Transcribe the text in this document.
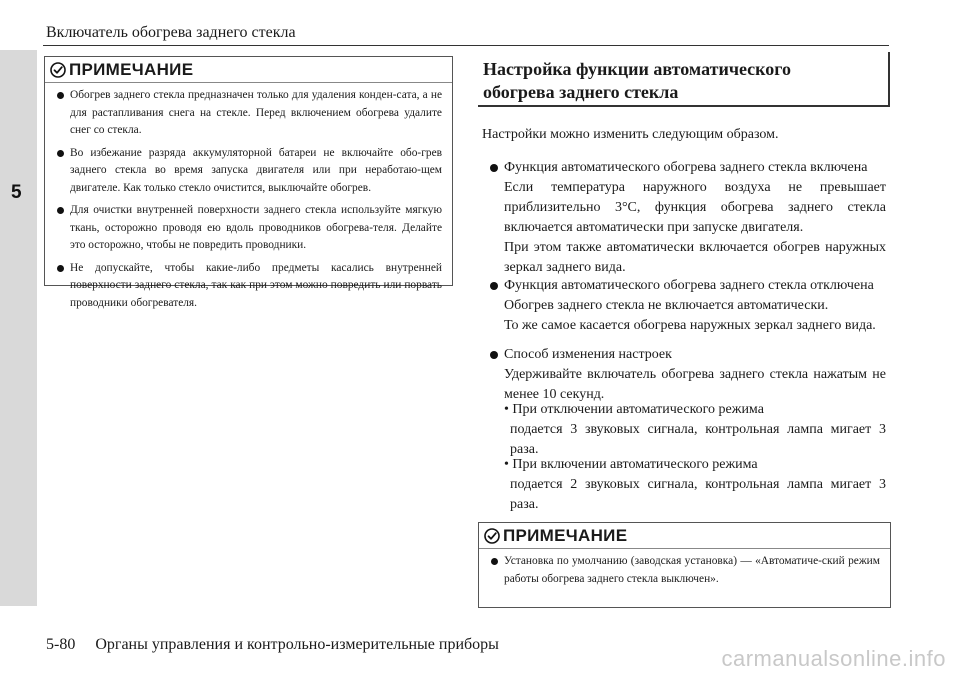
5
Включатель обогрева заднего стекла
ПРИМЕЧАНИЕ
Обогрев заднего стекла предназначен только для удаления конден-сата, а не для растапливания снега на стекле. Перед включением обогрева удалите снег со стекла.
Во избежание разряда аккумуляторной батареи не включайте обо-грев заднего стекла во время запуска двигателя или при неработаю-щем двигателе. Как только стекло очистится, выключайте обогрев.
Для очистки внутренней поверхности заднего стекла используйте мягкую ткань, осторожно проводя ею вдоль проводников обогрева-теля. Делайте это осторожно, чтобы не повредить проводники.
Не допускайте, чтобы какие-либо предметы касались внутренней поверхности заднего стекла, так как при этом можно повредить или порвать проводники обогревателя.
Настройка функции автоматического
обогрева заднего стекла
Настройки можно изменить следующим образом.
Функция автоматического обогрева заднего стекла включена
Если температура наружного воздуха не превышает приблизительно 3°C, функция обогрева заднего стекла включается автоматически при запуске двигателя.
При этом также автоматически включается обогрев наружных зеркал заднего вида.
Функция автоматического обогрева заднего стекла отключена
Обогрев заднего стекла не включается автоматически.
То же самое касается обогрева наружных зеркал заднего вида.
Способ изменения настроек
Удерживайте включатель обогрева заднего стекла нажатым не менее 10 секунд.
• При отключении автоматического режима
подается 3 звуковых сигнала, контрольная лампа мигает 3 раза.
• При включении автоматического режима
подается 2 звуковых сигнала, контрольная лампа мигает 3 раза.
ПРИМЕЧАНИЕ
Установка по умолчанию (заводская установка) — «Автоматиче-ский режим работы обогрева заднего стекла выключен».
5-80 Органы управления и контрольно-измерительные приборы
carmanualsonline.info
